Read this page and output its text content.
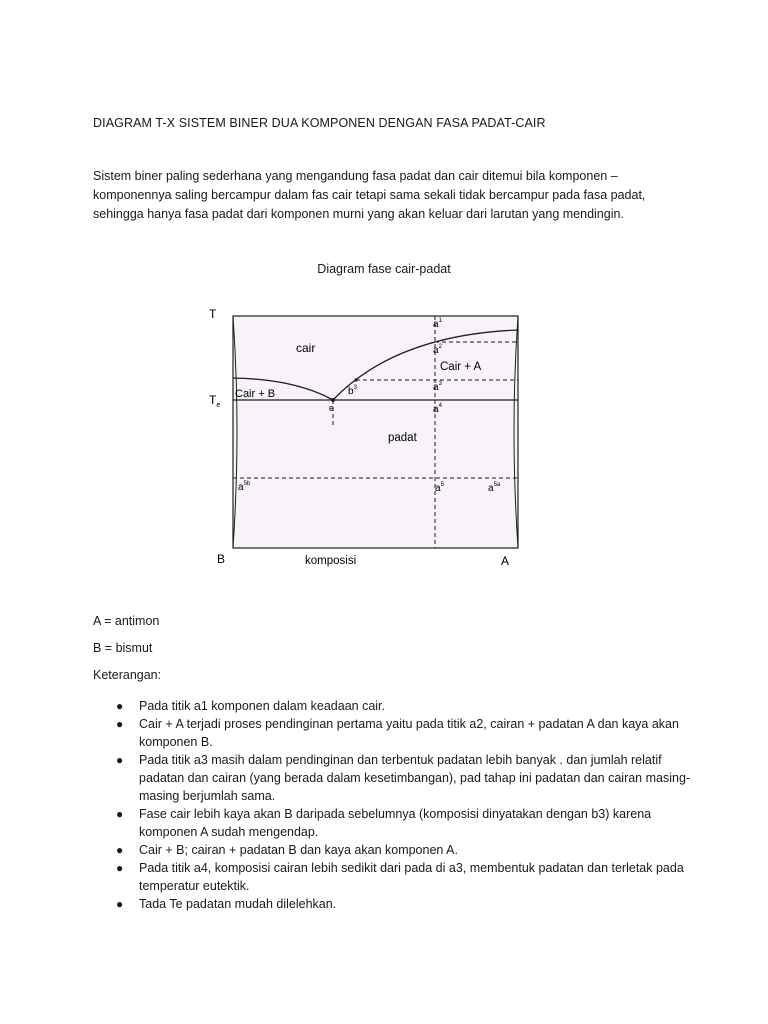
DIAGRAM T-X SISTEM BINER DUA KOMPONEN DENGAN FASA PADAT-CAIR

Sistem biner paling sederhana yang mengandung fasa padat dan cair ditemui bila komponen – komponennya saling bercampur dalam fas cair tetapi sama sekali tidak bercampur pada fasa padat, sehingga hanya fasa padat dari komponen murni yang akan keluar dari larutan yang mendingin.

Diagram fase cair-padat
T
$T_e$
B	A
komposisi
cair
Cair + A
Cair + B
padat
e
$b^3$
$a^1$
$a^2$
$a^3$
$a^4$
$a^5$
$a^{5b}$	$a^{5a}$
A = antimon
B = bismut
Keterangan:
● Pada titik a1 komponen dalam keadaan cair.
● Cair + A terjadi proses pendinginan pertama yaitu pada titik a2, cairan + padatan A dan kaya akan komponen B.
● Pada titik a3 masih dalam pendinginan dan terbentuk padatan lebih banyak . dan jumlah relatif padatan dan cairan (yang berada dalam kesetimbangan), pad tahap ini padatan dan cairan masing-masing berjumlah sama.
● Fase cair lebih kaya akan B daripada sebelumnya (komposisi dinyatakan dengan b3) karena komponen A sudah mengendap.
● Cair + B; cairan + padatan B dan kaya akan komponen A.
● Pada titik a4, komposisi cairan lebih sedikit dari pada di a3, membentuk padatan dan terletak pada temperatur eutektik.
● Tada Te padatan mudah dilelehkan.
